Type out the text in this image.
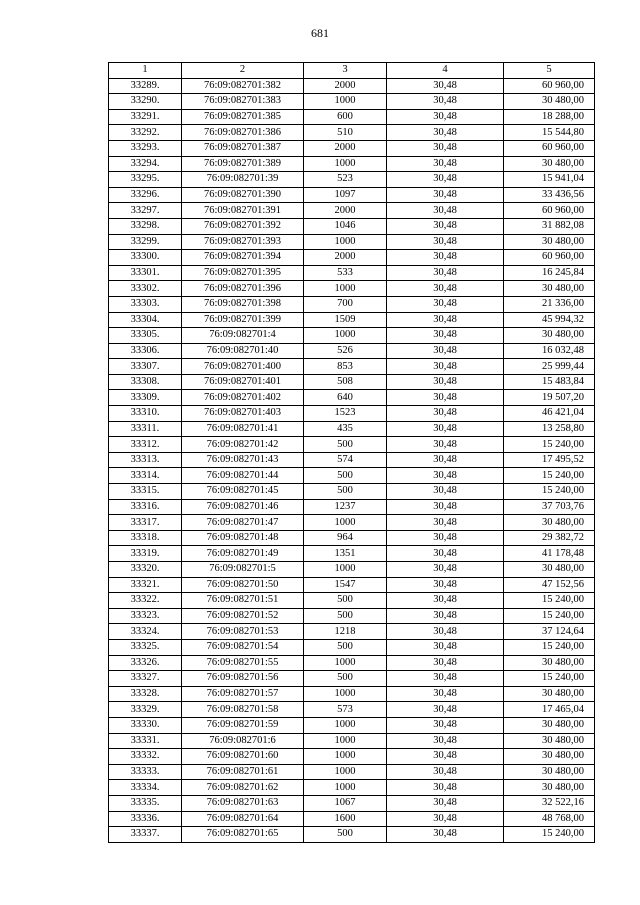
681
1	2	3	4	5
33289.	76:09:082701:382	2000	30,48	60 960,00
33290.	76:09:082701:383	1000	30,48	30 480,00
33291.	76:09:082701:385	600	30,48	18 288,00
33292.	76:09:082701:386	510	30,48	15 544,80
33293.	76:09:082701:387	2000	30,48	60 960,00
33294.	76:09:082701:389	1000	30,48	30 480,00
33295.	76:09:082701:39	523	30,48	15 941,04
33296.	76:09:082701:390	1097	30,48	33 436,56
33297.	76:09:082701:391	2000	30,48	60 960,00
33298.	76:09:082701:392	1046	30,48	31 882,08
33299.	76:09:082701:393	1000	30,48	30 480,00
33300.	76:09:082701:394	2000	30,48	60 960,00
33301.	76:09:082701:395	533	30,48	16 245,84
33302.	76:09:082701:396	1000	30,48	30 480,00
33303.	76:09:082701:398	700	30,48	21 336,00
33304.	76:09:082701:399	1509	30,48	45 994,32
33305.	76:09:082701:4	1000	30,48	30 480,00
33306.	76:09:082701:40	526	30,48	16 032,48
33307.	76:09:082701:400	853	30,48	25 999,44
33308.	76:09:082701:401	508	30,48	15 483,84
33309.	76:09:082701:402	640	30,48	19 507,20
33310.	76:09:082701:403	1523	30,48	46 421,04
33311.	76:09:082701:41	435	30,48	13 258,80
33312.	76:09:082701:42	500	30,48	15 240,00
33313.	76:09:082701:43	574	30,48	17 495,52
33314.	76:09:082701:44	500	30,48	15 240,00
33315.	76:09:082701:45	500	30,48	15 240,00
33316.	76:09:082701:46	1237	30,48	37 703,76
33317.	76:09:082701:47	1000	30,48	30 480,00
33318.	76:09:082701:48	964	30,48	29 382,72
33319.	76:09:082701:49	1351	30,48	41 178,48
33320.	76:09:082701:5	1000	30,48	30 480,00
33321.	76:09:082701:50	1547	30,48	47 152,56
33322.	76:09:082701:51	500	30,48	15 240,00
33323.	76:09:082701:52	500	30,48	15 240,00
33324.	76:09:082701:53	1218	30,48	37 124,64
33325.	76:09:082701:54	500	30,48	15 240,00
33326.	76:09:082701:55	1000	30,48	30 480,00
33327.	76:09:082701:56	500	30,48	15 240,00
33328.	76:09:082701:57	1000	30,48	30 480,00
33329.	76:09:082701:58	573	30,48	17 465,04
33330.	76:09:082701:59	1000	30,48	30 480,00
33331.	76:09:082701:6	1000	30,48	30 480,00
33332.	76:09:082701:60	1000	30,48	30 480,00
33333.	76:09:082701:61	1000	30,48	30 480,00
33334.	76:09:082701:62	1000	30,48	30 480,00
33335.	76:09:082701:63	1067	30,48	32 522,16
33336.	76:09:082701:64	1600	30,48	48 768,00
33337.	76:09:082701:65	500	30,48	15 240,00
